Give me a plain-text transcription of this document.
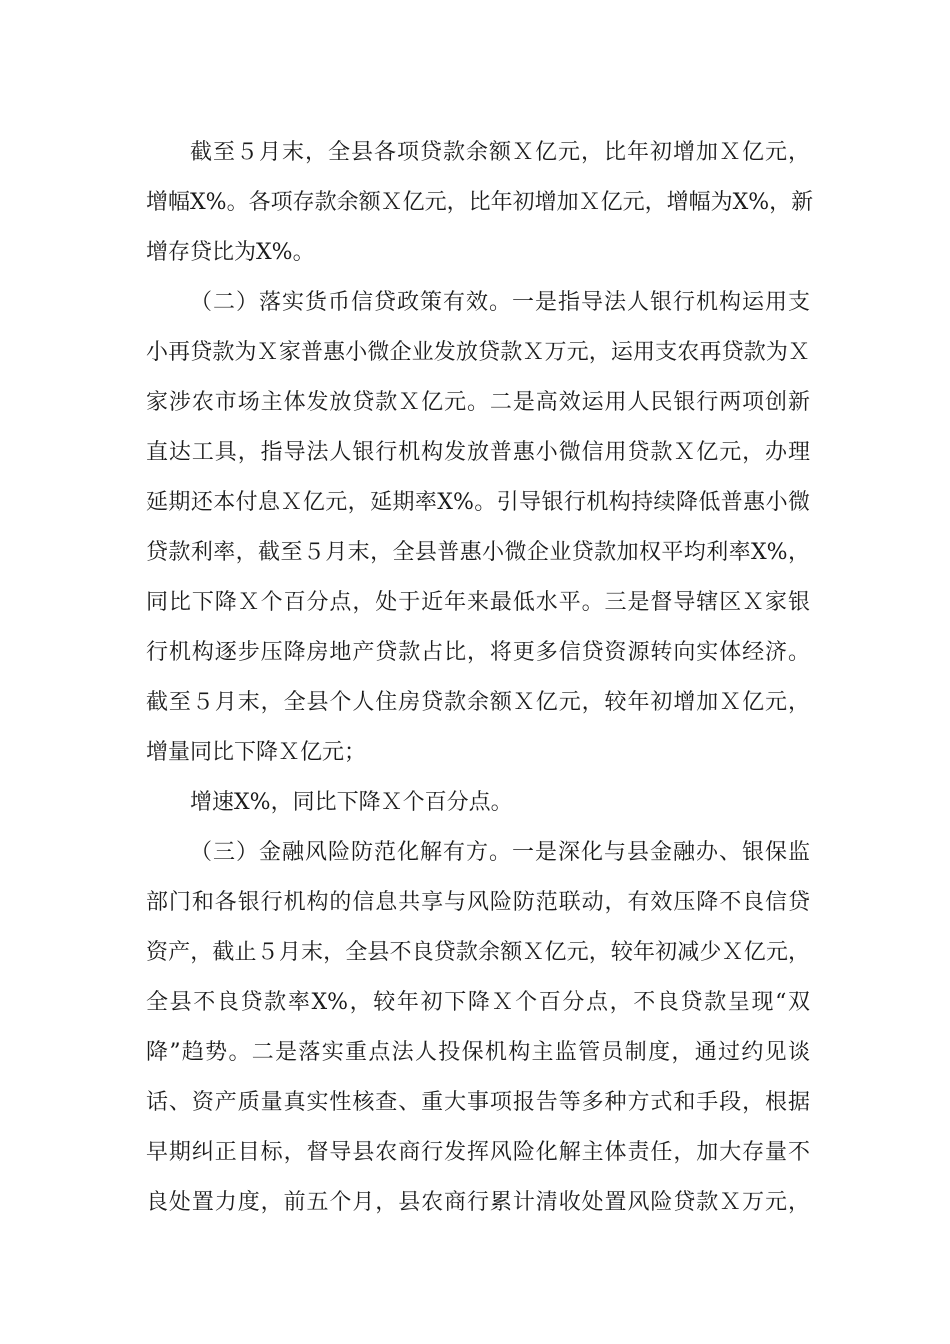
截至５月末，全县各项贷款余额Ｘ亿元，比年初增加Ｘ亿元，
增幅X%。各项存款余额Ｘ亿元，比年初增加Ｘ亿元，增幅为X%，新
增存贷比为X%。
（二）落实货币信贷政策有效。一是指导法人银行机构运用支
小再贷款为Ｘ家普惠小微企业发放贷款Ｘ万元，运用支农再贷款为Ｘ
家涉农市场主体发放贷款Ｘ亿元。二是高效运用人民银行两项创新
直达工具，指导法人银行机构发放普惠小微信用贷款Ｘ亿元，办理
延期还本付息Ｘ亿元，延期率X%。引导银行机构持续降低普惠小微
贷款利率，截至５月末，全县普惠小微企业贷款加权平均利率X%，
同比下降Ｘ个百分点，处于近年来最低水平。三是督导辖区Ｘ家银
行机构逐步压降房地产贷款占比，将更多信贷资源转向实体经济。
截至５月末，全县个人住房贷款余额Ｘ亿元，较年初增加Ｘ亿元，
增量同比下降Ｘ亿元；
增速X%，同比下降Ｘ个百分点。
（三）金融风险防范化解有方。一是深化与县金融办、银保监
部门和各银行机构的信息共享与风险防范联动，有效压降不良信贷
资产，截止５月末，全县不良贷款余额Ｘ亿元，较年初减少Ｘ亿元，
全县不良贷款率X%，较年初下降Ｘ个百分点，不良贷款呈现“双
降”趋势。二是落实重点法人投保机构主监管员制度，通过约见谈
话、资产质量真实性核查、重大事项报告等多种方式和手段，根据
早期纠正目标，督导县农商行发挥风险化解主体责任，加大存量不
良处置力度，前五个月，县农商行累计清收处置风险贷款Ｘ万元，
